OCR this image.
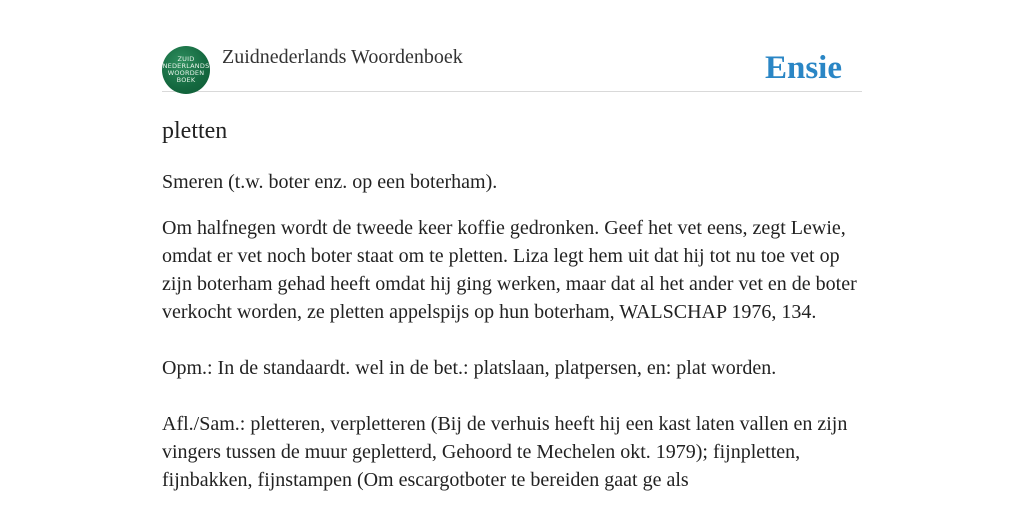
ZUID
NEDERLANDS
WOORDEN
BOEK
Zuidnederlands Woordenboek	Ensie
pletten

Smeren (t.w. boter enz. op een boterham).

Om halfnegen wordt de tweede keer koffie gedronken. Geef het vet eens, zegt Lewie, omdat er vet noch boter staat om te pletten. Liza legt hem uit dat hij tot nu toe vet op zijn boterham gehad heeft omdat hij ging werken, maar dat al het ander vet en de boter verkocht worden, ze pletten appelspijs op hun boterham, WALSCHAP 1976, 134.

Opm.: In de standaardt. wel in de bet.: platslaan, platpersen, en: plat worden.

Afl./Sam.: pletteren, verpletteren (Bij de verhuis heeft hij een kast laten vallen en zijn vingers tussen de muur gepletterd, Gehoord te Mechelen okt. 1979); fijnpletten, fijnbakken, fijnstampen (Om escargotboter te bereiden gaat ge als
